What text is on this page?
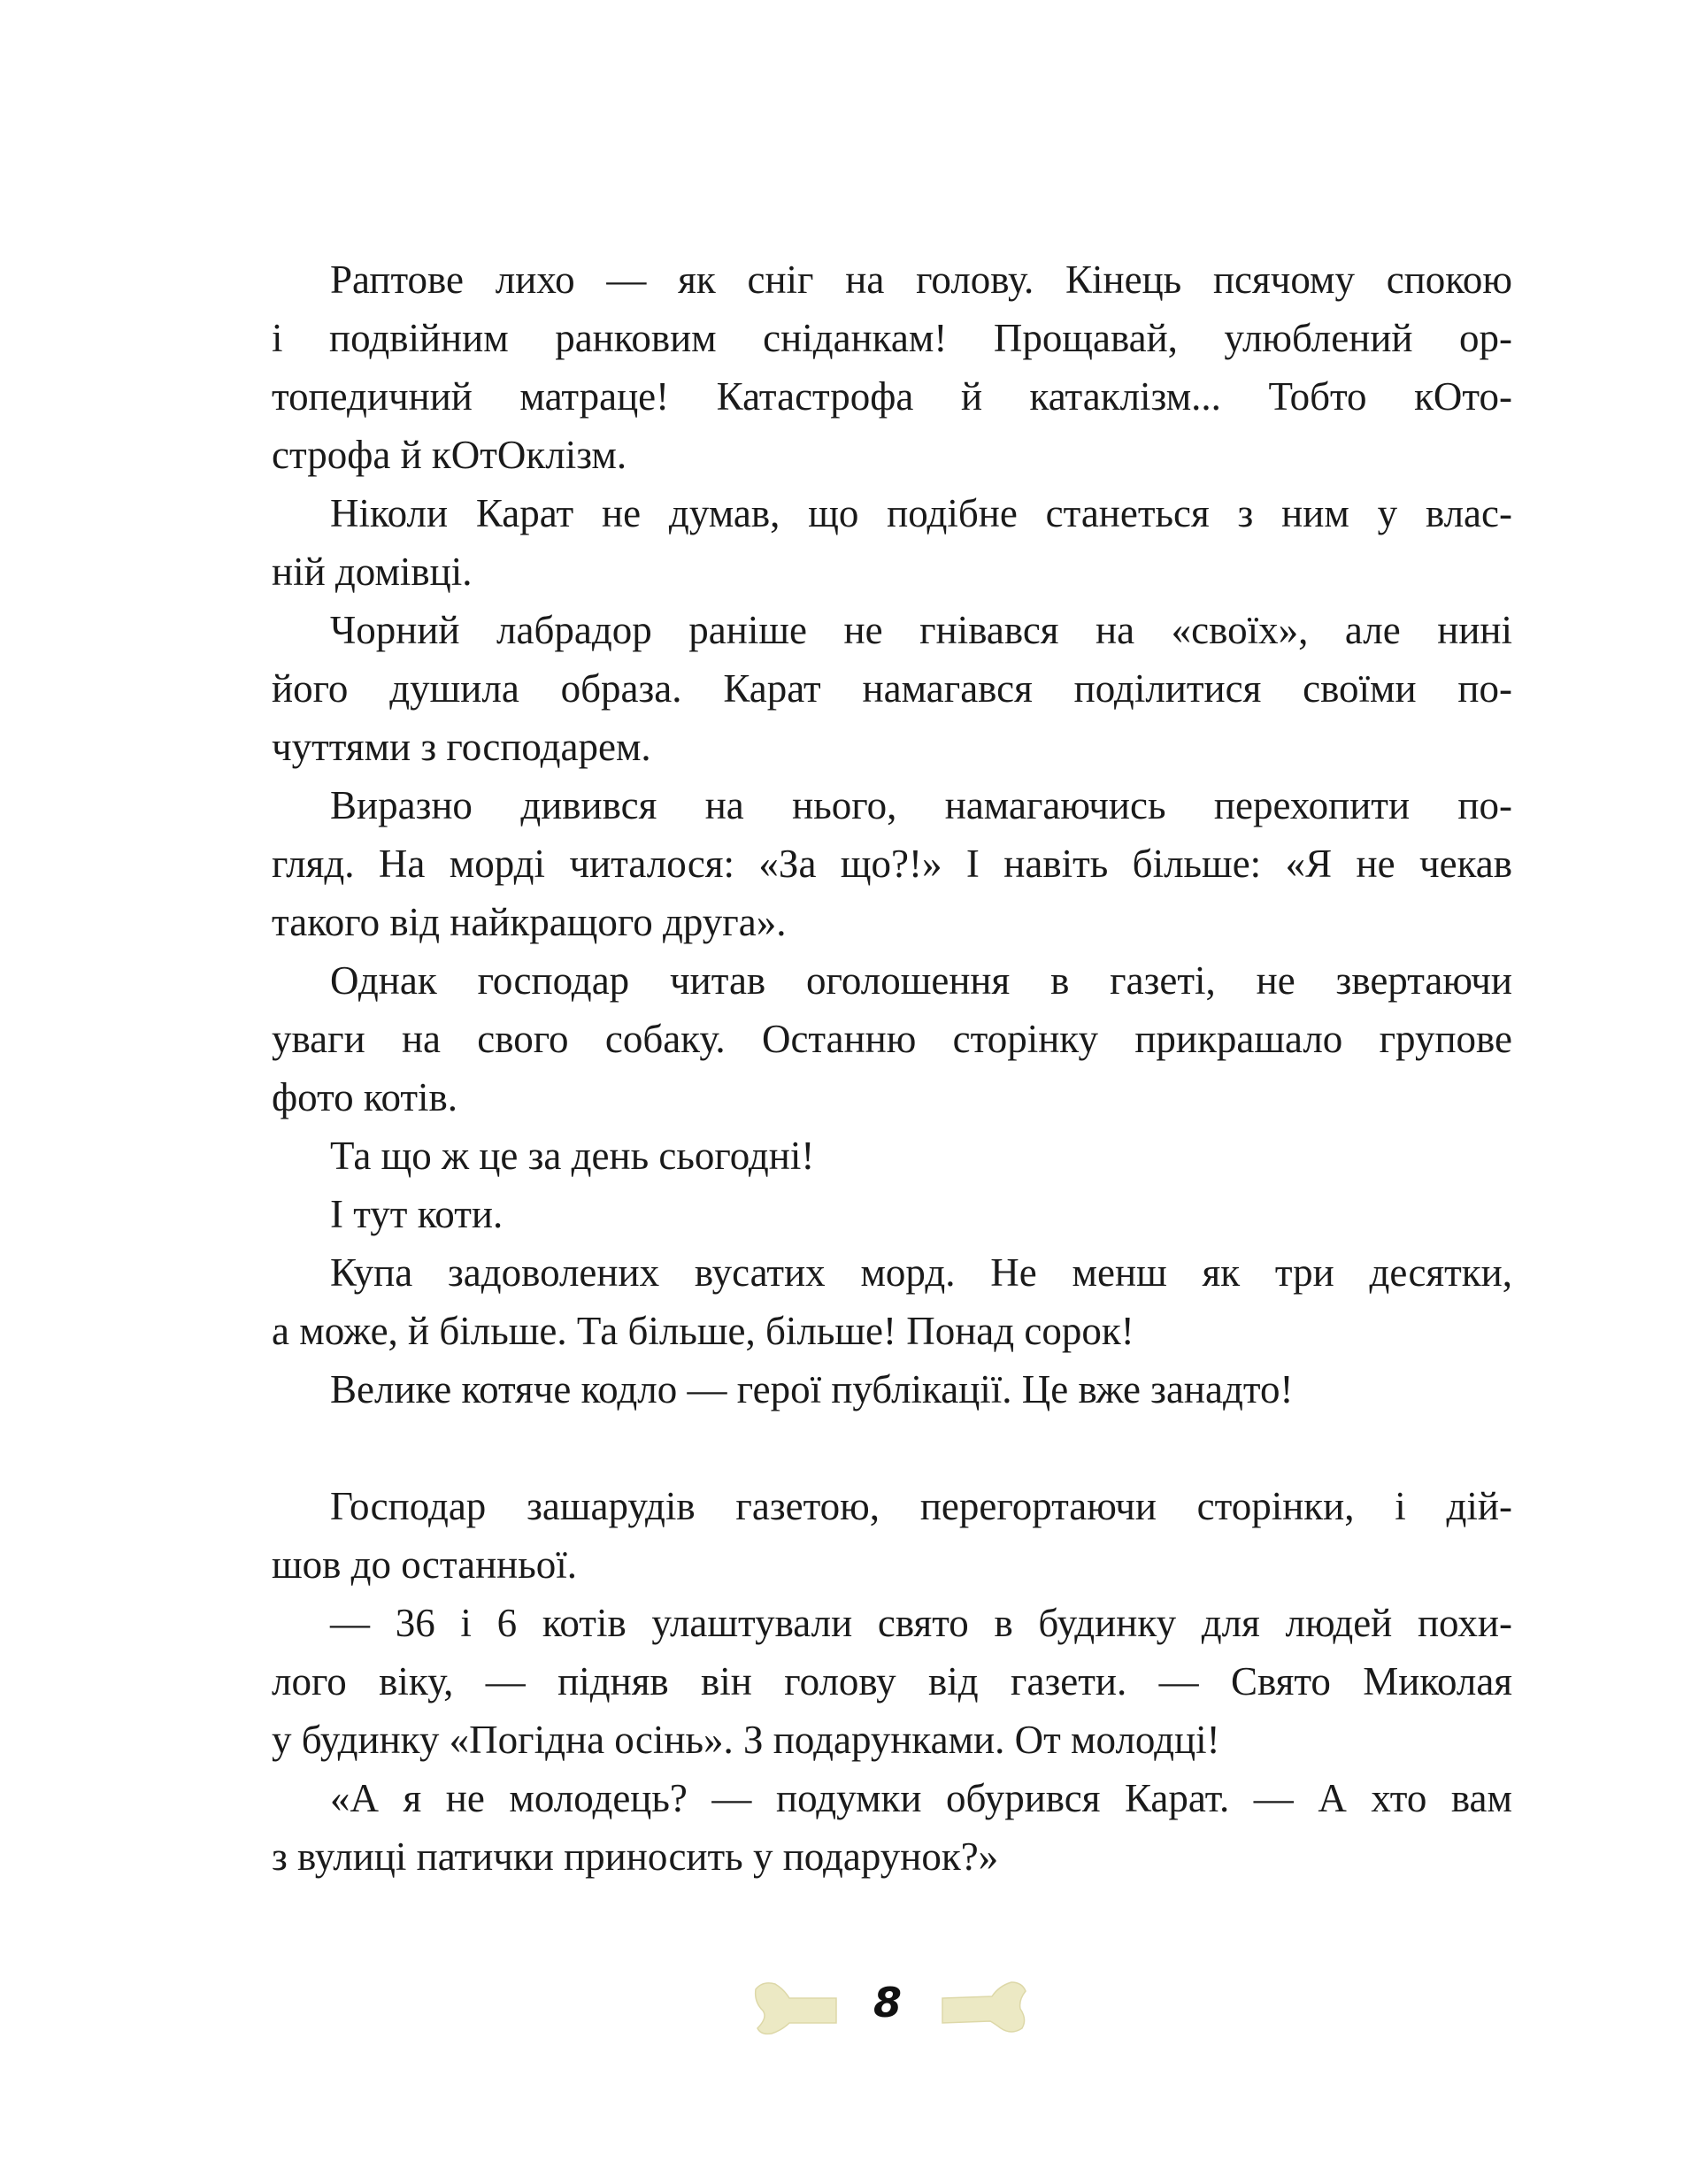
Раптове лихо — як сніг на голову. Кінець псячому спокою
і подвійним ранковим сніданкам! Прощавай, улюблений ор-
топедичний матраце! Катастрофа й катаклізм... Тобто кОто-
строфа й кОтОклізм.
Ніколи Карат не думав, що подібне станеться з ним у влас-
ній домівці.
Чорний лабрадор раніше не гнівався на «своїх», але нині
його душила образа. Карат намагався поділитися своїми по-
чуттями з господарем.
Виразно дивився на нього, намагаючись перехопити по-
гляд. На морді читалося: «За що?!» І навіть більше: «Я не чекав
такого від найкращого друга».
Однак господар читав оголошення в газеті, не звертаючи
уваги на свого собаку. Останню сторінку прикрашало групове
фото котів.
Та що ж це за день сьогодні!
І тут коти.
Купа задоволених вусатих морд. Не менш як три десятки,
а може, й більше. Та більше, більше! Понад сорок!
Велике котяче кодло — герої публікації. Це вже занадто!
Господар зашарудів газетою, перегортаючи сторінки, і дій-
шов до останньої.
— 36 і 6 котів улаштували свято в будинку для людей похи-
лого віку, — підняв він голову від газети. — Свято Миколая
у будинку «Погідна осінь». З подарунками. От молодці!
«А я не молодець? — подумки обурився Карат. — А хто вам
з вулиці патички приносить у подарунок?»
8
